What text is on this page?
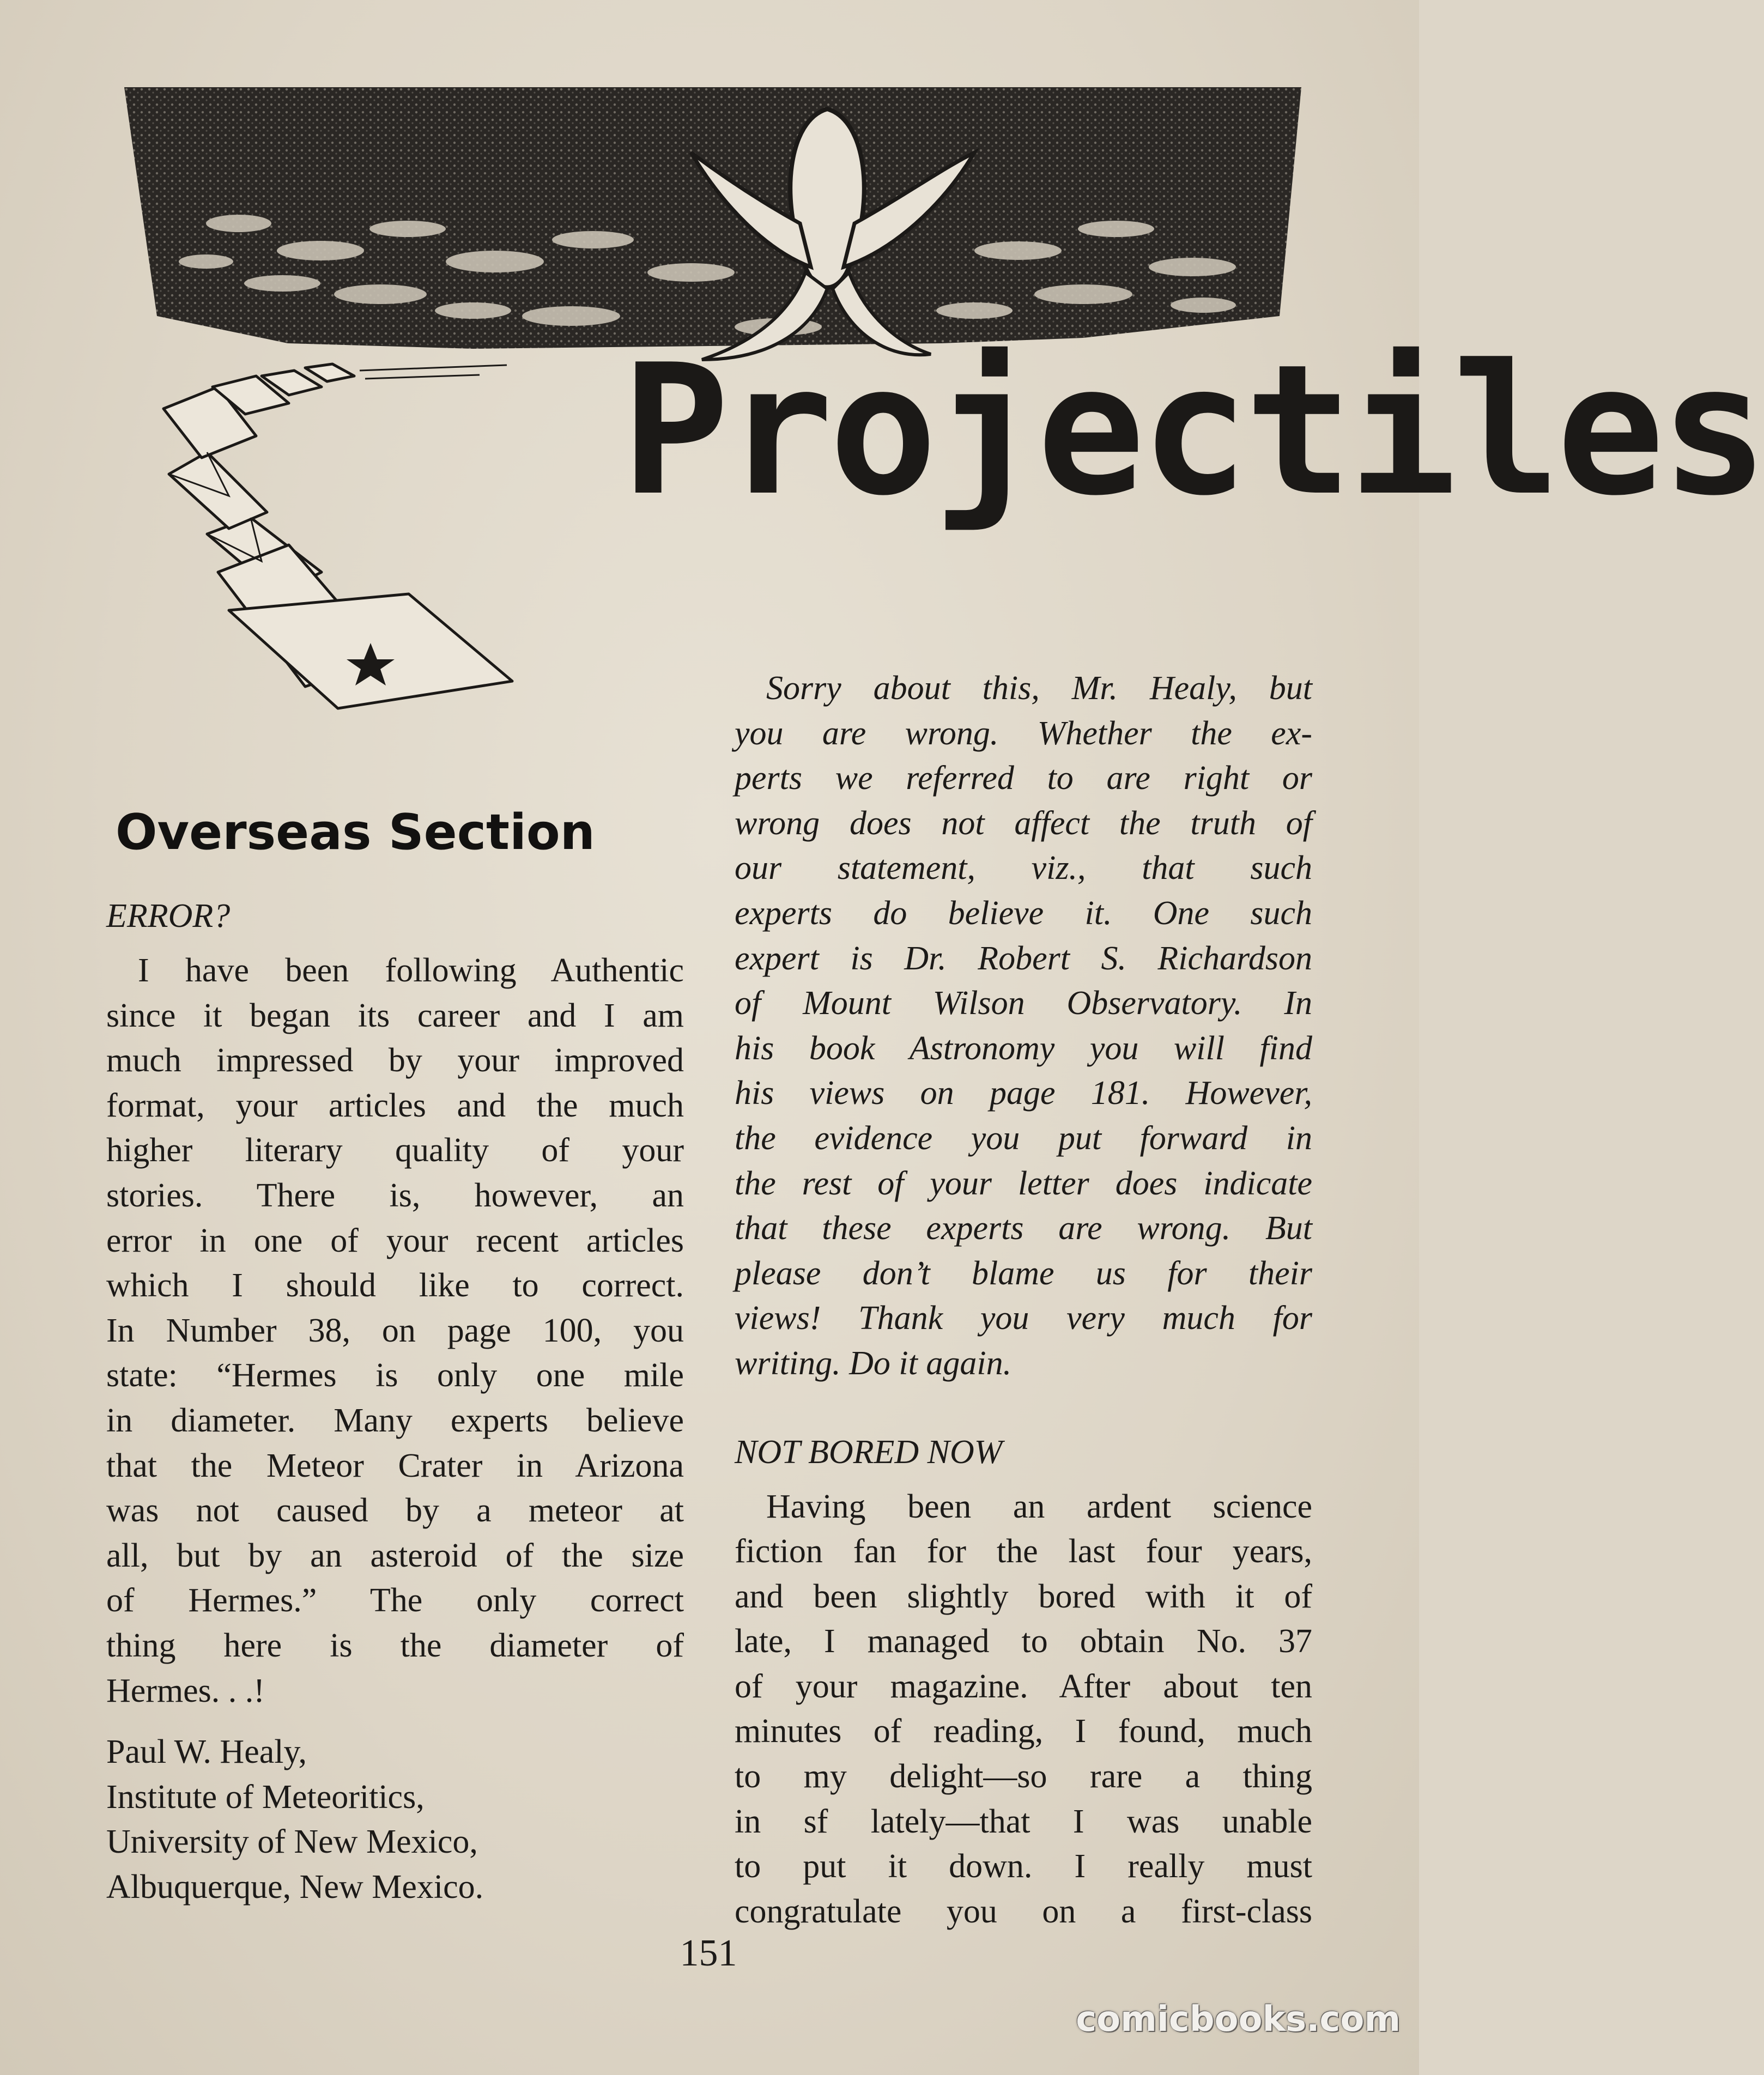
Projectiles
Overseas Section

ERROR?

I have been following Authentic

since it began its career and I am

much impressed by your improved

format, your articles and the much

higher literary quality of your

stories. There is, however, an

error in one of your recent articles

which I should like to correct.

In Number 38, on page 100, you

state: “Hermes is only one mile

in diameter. Many experts believe

that the Meteor Crater in Arizona

was not caused by a meteor at

all, but by an asteroid of the size

of Hermes.” The only correct

thing here is the diameter of

Hermes. . .!

Paul W. Healy,

Institute of Meteoritics,

University of New Mexico,

Albuquerque, New Mexico.

Sorry about this, Mr. Healy, but

you are wrong. Whether the ex-

perts we referred to are right or

wrong does not affect the truth of

our statement, viz., that such

experts do believe it. One such

expert is Dr. Robert S. Richardson

of Mount Wilson Observatory. In

his book Astronomy you will find

his views on page 181. However,

the evidence you put forward in

the rest of your letter does indicate

that these experts are wrong. But

please don’t blame us for their

views! Thank you very much for

writing. Do it again.

NOT BORED NOW

Having been an ardent science

fiction fan for the last four years,

and been slightly bored with it of

late, I managed to obtain No. 37

of your magazine. After about ten

minutes of reading, I found, much

to my delight—so rare a thing

in sf lately—that I was unable

to put it down. I really must

congratulate you on a first-class

151
comicbooks.com
